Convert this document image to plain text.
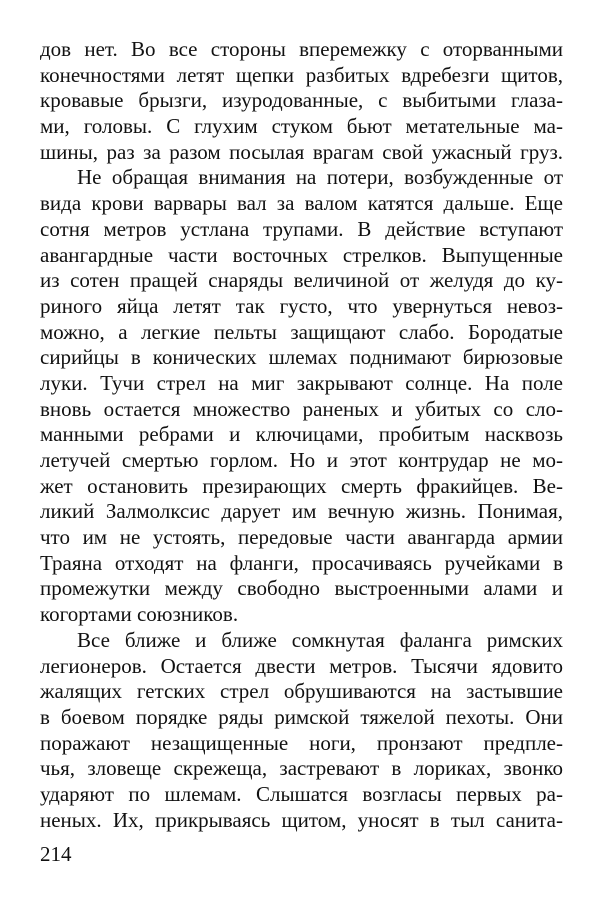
дов нет. Во все стороны вперемежку с оторванными
конечностями летят щепки разбитых вдребезги щитов,
кровавые брызги, изуродованные, с выбитыми глаза-
ми, головы. С глухим стуком бьют метательные ма-
шины, раз за разом посылая врагам свой ужасный груз.
Не обращая внимания на потери, возбужденные от
вида крови варвары вал за валом катятся дальше. Еще
сотня метров устлана трупами. В действие вступают
авангардные части восточных стрелков. Выпущенные
из сотен пращей снаряды величиной от желудя до ку-
риного яйца летят так густо, что увернуться невоз-
можно, а легкие пельты защищают слабо. Бородатые
сирийцы в конических шлемах поднимают бирюзовые
луки. Тучи стрел на миг закрывают солнце. На поле
вновь остается множество раненых и убитых со сло-
манными ребрами и ключицами, пробитым насквозь
летучей смертью горлом. Но и этот контрудар не мо-
жет остановить презирающих смерть фракийцев. Ве-
ликий Залмолксис дарует им вечную жизнь. Понимая,
что им не устоять, передовые части авангарда армии
Траяна отходят на фланги, просачиваясь ручейками в
промежутки между свободно выстроенными алами и
когортами союзников.
Все ближе и ближе сомкнутая фаланга римских
легионеров. Остается двести метров. Тысячи ядовито
жалящих гетских стрел обрушиваются на застывшие
в боевом порядке ряды римской тяжелой пехоты. Они
поражают незащищенные ноги, пронзают предпле-
чья, зловеще скрежеща, застревают в лориках, звонко
ударяют по шлемам. Слышатся возгласы первых ра-
неных. Их, прикрываясь щитом, уносят в тыл санита-
214
